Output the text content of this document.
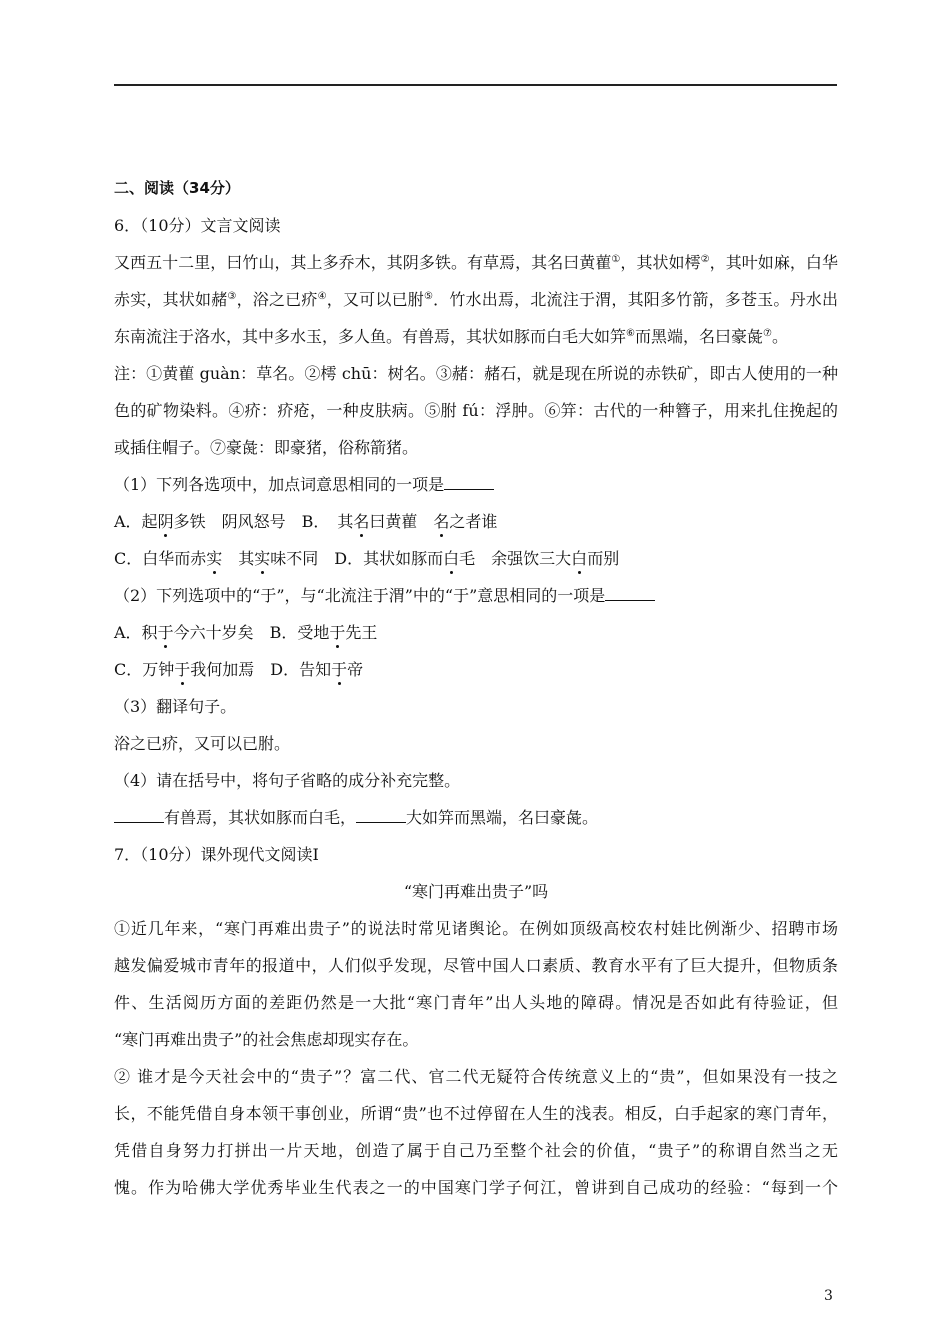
二、阅读（34分）
6．（10分）文言文阅读
又西五十二里，曰竹山，其上多乔木，其阴多铁。有草焉，其名曰黄雚①，其状如樗②，其叶如麻，白华
赤实，其状如赭③，浴之已疥④，又可以已胕⑤．竹水出焉，北流注于渭，其阳多竹箭，多苍玉。丹水出
东南流注于洛水，其中多水玉，多人鱼。有兽焉，其状如豚而白毛大如笄⑥而黑端，名曰豪彘⑦。
注：①黄雚 guàn：草名。②樗 chū：树名。③赭：赭石，就是现在所说的赤铁矿，即古人使用的一种
色的矿物染料。④疥：疥疮，一种皮肤病。⑤胕 fú：浮肿。⑥笄：古代的一种簪子，用来扎住挽起的
或插住帽子。⑦豪彘：即豪猪，俗称箭猪。
（1）下列各选项中，加点词意思相同的一项是
A．起阴多铁　阴风怒号　B．　其名曰黄雚　名之者谁
C．白华而赤实　其实味不同　D．其状如豚而白毛　余强饮三大白而别
（2）下列选项中的“于”，与“北流注于渭”中的“于”意思相同的一项是
A．积于今六十岁矣　B．受地于先王
C．万钟于我何加焉　D．告知于帝
（3）翻译句子。
浴之已疥，又可以已胕。
（4）请在括号中，将句子省略的成分补充完整。
有兽焉，其状如豚而白毛，	大如笄而黑端，名曰豪彘。
7．（10分）课外现代文阅读Ⅰ
“寒门再难出贵子”吗
①近几年来，“寒门再难出贵子”的说法时常见诸舆论。在例如顶级高校农村娃比例渐少、招聘市场
越发偏爱城市青年的报道中，人们似乎发现，尽管中国人口素质、教育水平有了巨大提升，但物质条
件、生活阅历方面的差距仍然是一大批“寒门青年”出人头地的障碍。情况是否如此有待验证，但
“寒门再难出贵子”的社会焦虑却现实存在。
② 谁才是今天社会中的“贵子”？富二代、官二代无疑符合传统意义上的“贵”，但如果没有一技之
长，不能凭借自身本领干事创业，所谓“贵”也不过停留在人生的浅表。相反，白手起家的寒门青年，
凭借自身努力打拼出一片天地，创造了属于自己乃至整个社会的价值，“贵子”的称谓自然当之无
愧。作为哈佛大学优秀毕业生代表之一的中国寒门学子何江，曾讲到自己成功的经验：“每到一个
3
